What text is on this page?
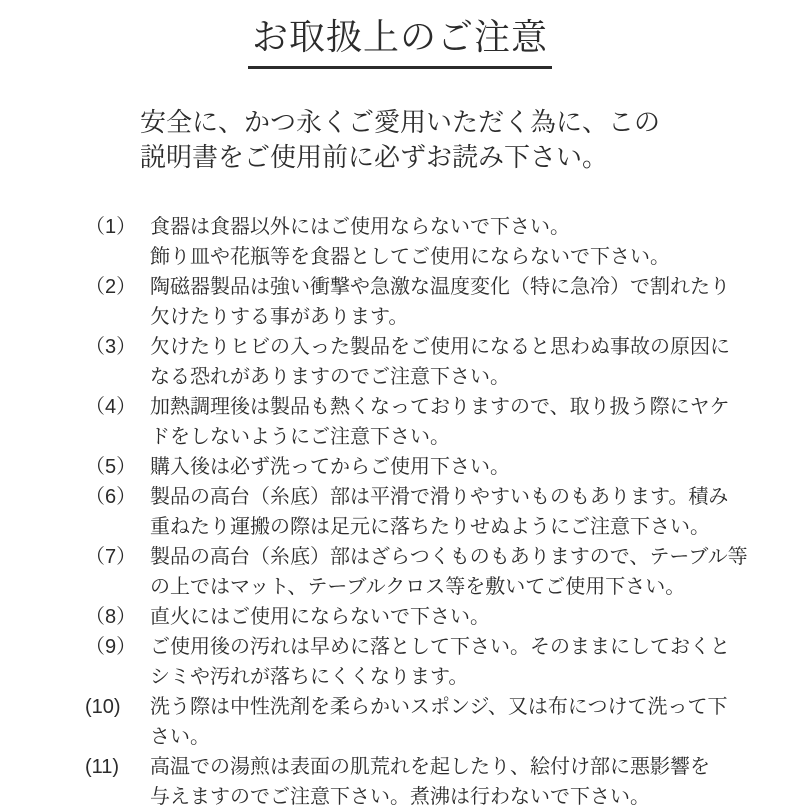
お取扱上のご注意

安全に、かつ永くご愛用いただく為に、この
説明書をご使用前に必ずお読み下さい。

（1） 食器は食器以外にはご使用ならないで下さい。
飾り皿や花瓶等を食器としてご使用にならないで下さい。
（2） 陶磁器製品は強い衝撃や急激な温度変化（特に急冷）で割れたり
欠けたりする事があります。
（3） 欠けたりヒビの入った製品をご使用になると思わぬ事故の原因に
なる恐れがありますのでご注意下さい。
（4） 加熱調理後は製品も熱くなっておりますので、取り扱う際にヤケ
ドをしないようにご注意下さい。
（5） 購入後は必ず洗ってからご使用下さい。
（6） 製品の高台（糸底）部は平滑で滑りやすいものもあります。積み
重ねたり運搬の際は足元に落ちたりせぬようにご注意下さい。
（7） 製品の高台（糸底）部はざらつくものもありますので、テーブル等
の上ではマット、テーブルクロス等を敷いてご使用下さい。
（8） 直火にはご使用にならないで下さい。
（9） ご使用後の汚れは早めに落として下さい。そのままにしておくと
シミや汚れが落ちにくくなります。
(10)	洗う際は中性洗剤を柔らかいスポンジ、又は布につけて洗って下
さい。
(11)	高温での湯煎は表面の肌荒れを起したり、絵付け部に悪影響を
与えますのでご注意下さい。煮沸は行わないで下さい。
